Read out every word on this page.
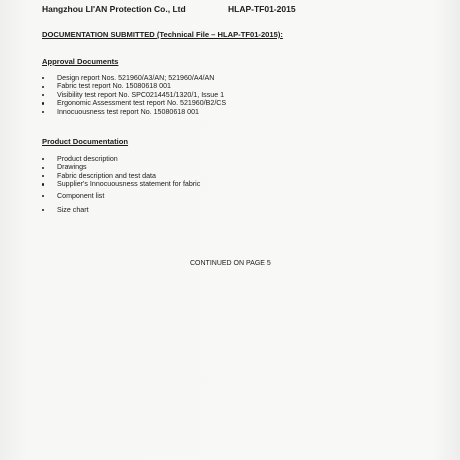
Hangzhou LI'AN Protection Co., Ltd	HLAP-TF01-2015
DOCUMENTATION SUBMITTED (Technical File – HLAP-TF01-2015):
Approval Documents
Design report Nos. 521960/A3/AN; 521960/A4/AN
Fabric test report No. 15080618 001
Visibility test report No. SPC0214451/1320/1, Issue 1
Ergonomic Assessment test report No. 521960/B2/CS
Innocuousness test report No. 15080618 001
Product Documentation
Product description
Drawings
Fabric description and test data
Supplier's Innocuousness statement for fabric
Component list
Size chart
CONTINUED ON PAGE 5
